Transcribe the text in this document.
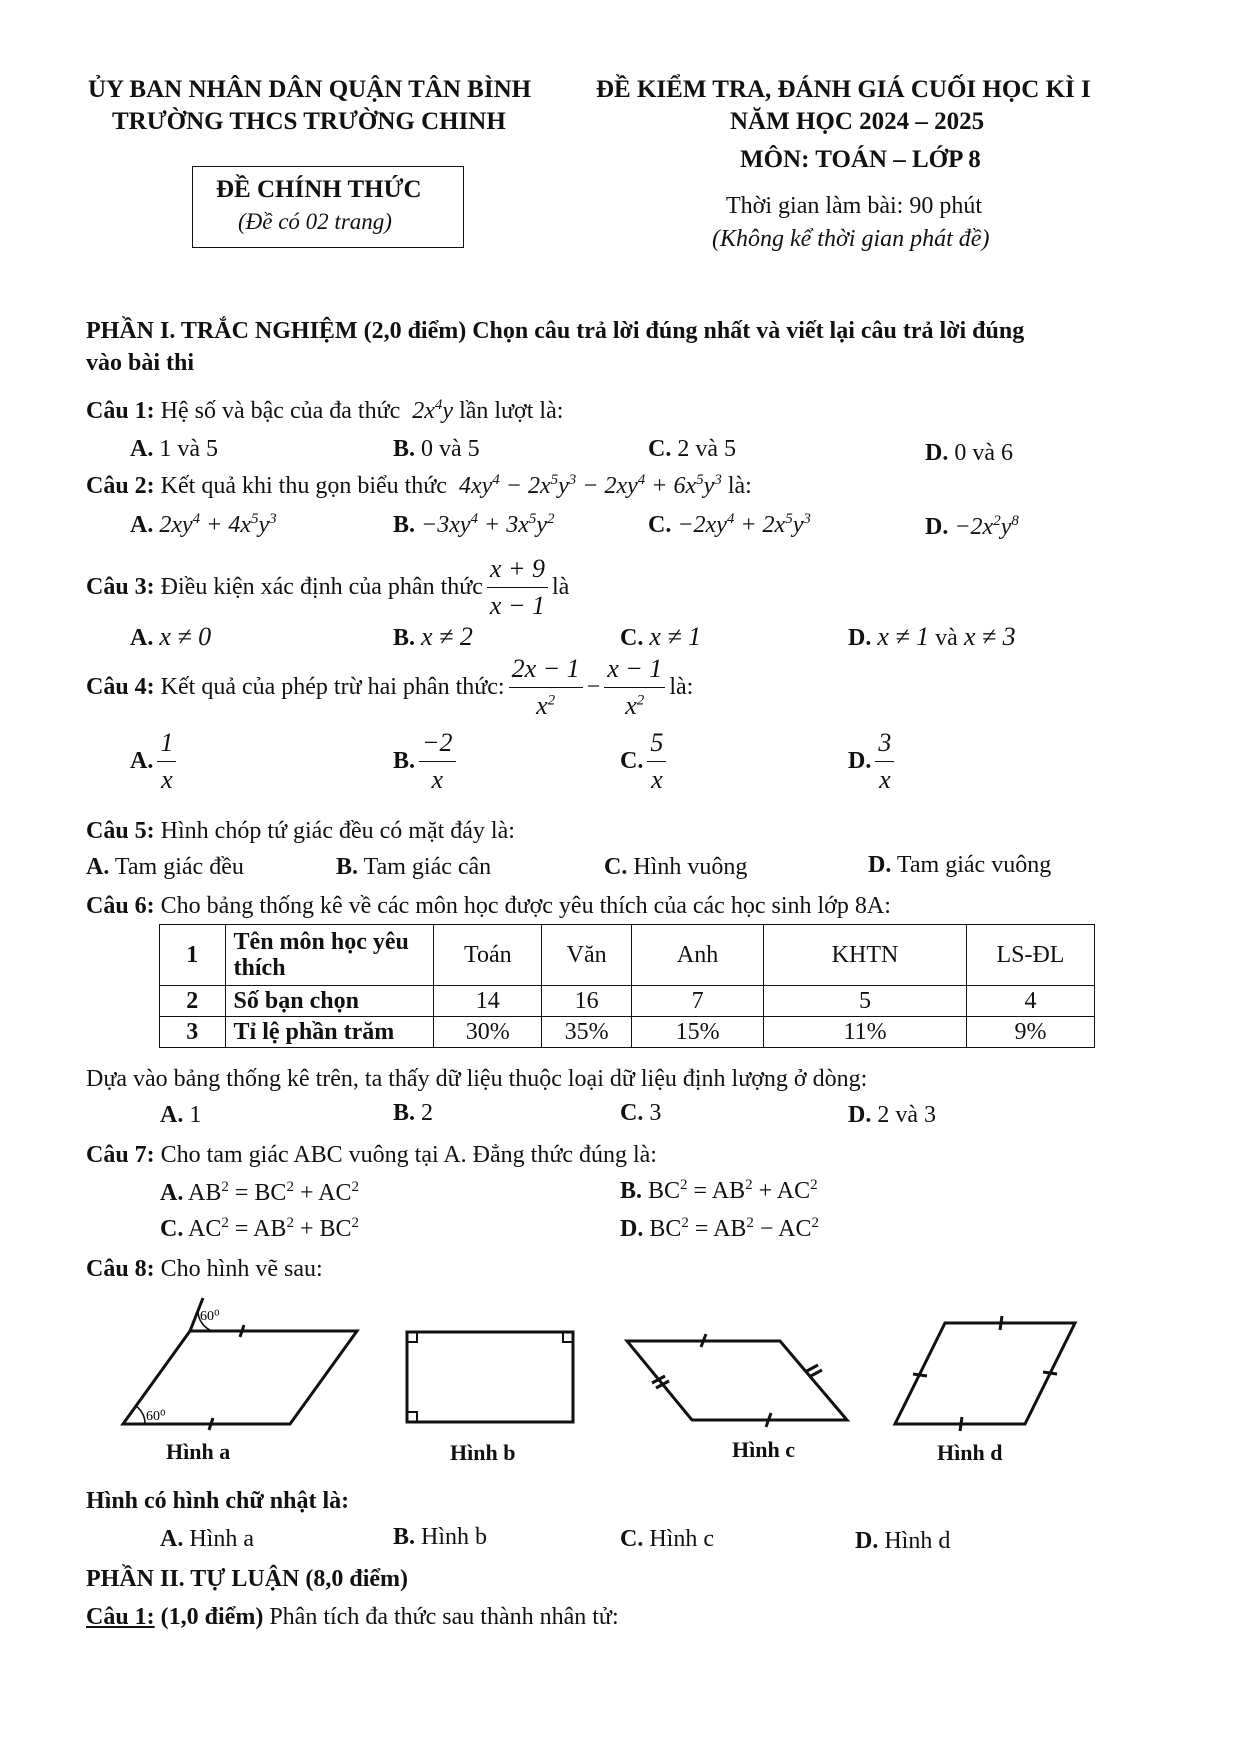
ỦY BAN NHÂN DÂN QUẬN TÂN BÌNH
TRƯỜNG THCS TRƯỜNG CHINH
ĐỀ CHÍNH THỨC
(Đề có 02 trang)
ĐỀ KIỂM TRA, ĐÁNH GIÁ CUỐI HỌC KÌ I
NĂM HỌC 2024 – 2025
MÔN: TOÁN – LỚP 8
Thời gian làm bài: 90 phút
(Không kể thời gian phát đề)
PHẦN I. TRẮC NGHIỆM (2,0 điểm) Chọn câu trả lời đúng nhất và viết lại câu trả lời đúng
vào bài thi
Câu 1: Hệ số và bậc của đa thức  $2x^4y$ lần lượt là:
A. 1 và 5	B. 0 và 5	C. 2 và 5	D. 0 và 6
Câu 2: Kết quả khi thu gọn biểu thức  $4xy^4 - 2x^5y^3 - 2xy^4 + 6x^5y^3$ là:
A. $2xy^4 + 4x^5y^3$	B. $-3xy^4 + 3x^5y^2$	C. $-2xy^4 + 2x^5y^3$	D. $-2x^2y^8$
Câu 3:
Điều kiện xác định của phân thức $\frac{x + 9}{x - 1}$ là
A. x ≠ 0	B. x ≠ 2	C. x ≠ 1	D. x ≠ 1 và x ≠ 3
Câu 4:
Kết quả của phép trừ hai phân thức: $\frac{2x - 1}{x^2} - \frac{x - 1}{x^2}$ là:
A. $\frac{1}{x}$	B. $\frac{-2}{x}$	C. $\frac{5}{x}$	D. $\frac{3}{x}$
Câu 5: Hình chóp tứ giác đều có mặt đáy là:
A. Tam giác đều	B. Tam giác cân	C. Hình vuông	D. Tam giác vuông
Câu 6: Cho bảng thống kê về các môn học được yêu thích của các học sinh lớp 8A:
1	Tên môn học yêu thích	Toán	Văn	Anh	KHTN	LS-ĐL
2	Số bạn chọn	14	16	7	5	4
3	Tỉ lệ phần trăm	30%	35%	15%	11%	9%
Dựa vào bảng thống kê trên, ta thấy dữ liệu thuộc loại dữ liệu định lượng ở dòng:
A. 1	B. 2	C. 3	D. 2 và 3
Câu 7: Cho tam giác ABC vuông tại A. Đẳng thức đúng là:
A. $AB^2 = BC^2 + AC^2$	B. $BC^2 = AB^2 + AC^2$
C. $AC^2 = AB^2 + BC^2$	D. $BC^2 = AB^2 - AC^2$
Câu 8: Cho hình vẽ sau:
60⁰
60⁰
Hình a	Hình b	Hình c	Hình d
Hình có hình chữ nhật là:
A. Hình a	B. Hình b	C. Hình c	D. Hình d
PHẦN II. TỰ LUẬN (8,0 điểm)
Câu 1: (1,0 điểm) Phân tích đa thức sau thành nhân tử:
